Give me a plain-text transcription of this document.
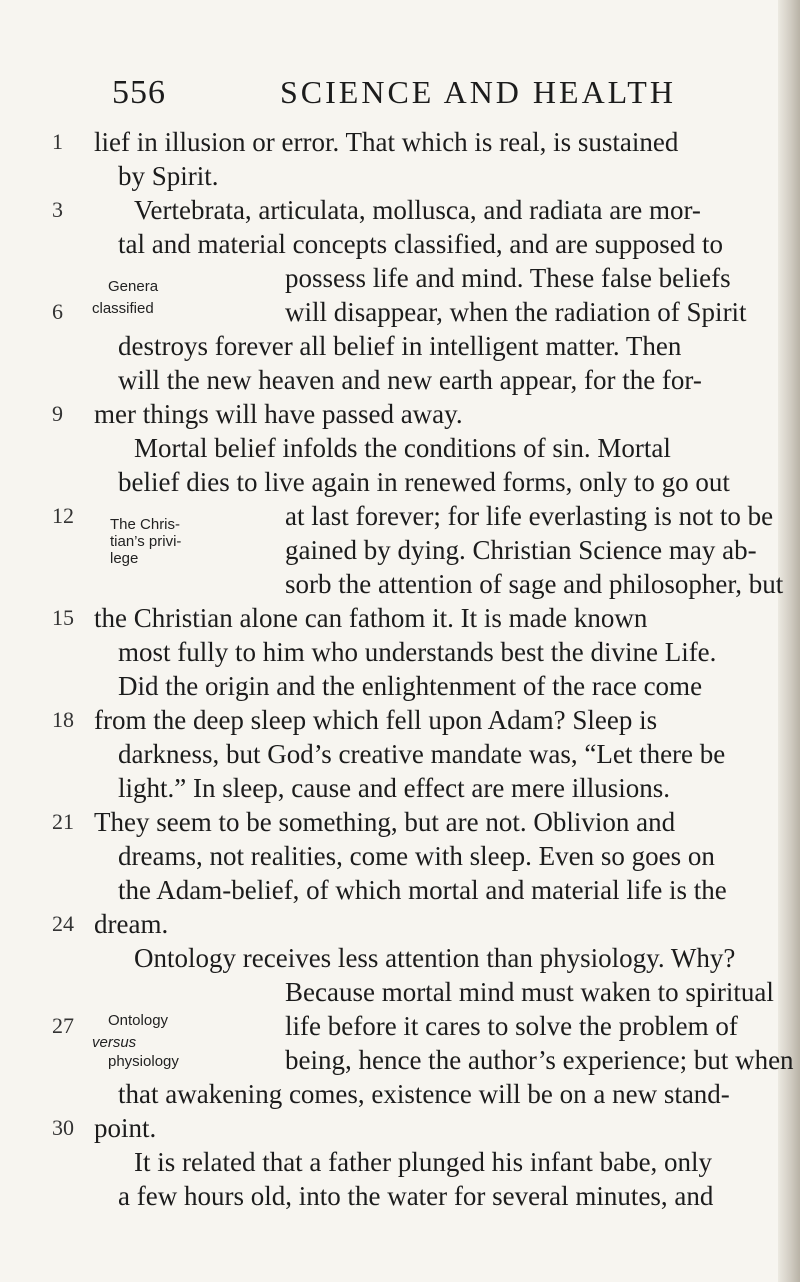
556	SCIENCE AND HEALTH
1	lief in illusion or error. That which is real, is sustained
by Spirit.
3	Vertebrata, articulata, mollusca, and radiata are mor-
tal and material concepts classified, and are supposed to
possess life and mind. These false beliefs
6	will disappear, when the radiation of Spirit
destroys forever all belief in intelligent matter. Then
will the new heaven and new earth appear, for the for-
9	mer things will have passed away.
Mortal belief infolds the conditions of sin. Mortal
belief dies to live again in renewed forms, only to go out
12	at last forever; for life everlasting is not to be
gained by dying. Christian Science may ab-
sorb the attention of sage and philosopher, but
15 the Christian alone can fathom it. It is made known
most fully to him who understands best the divine Life.
Did the origin and the enlightenment of the race come
18 from the deep sleep which fell upon Adam? Sleep is
darkness, but God’s creative mandate was, “Let there be
light.” In sleep, cause and effect are mere illusions.
21 They seem to be something, but are not. Oblivion and
dreams, not realities, come with sleep. Even so goes on
the Adam-belief, of which mortal and material life is the
24 dream.
Ontology receives less attention than physiology. Why?
Because mortal mind must waken to spiritual
27	life before it cares to solve the problem of
being, hence the author’s experience; but when
that awakening comes, existence will be on a new stand-
30 point.
It is related that a father plunged his infant babe, only
a few hours old, into the water for several minutes, and
Genera
classified
The Chris-
tian’s privi-
lege
Ontology
versus
physiology
